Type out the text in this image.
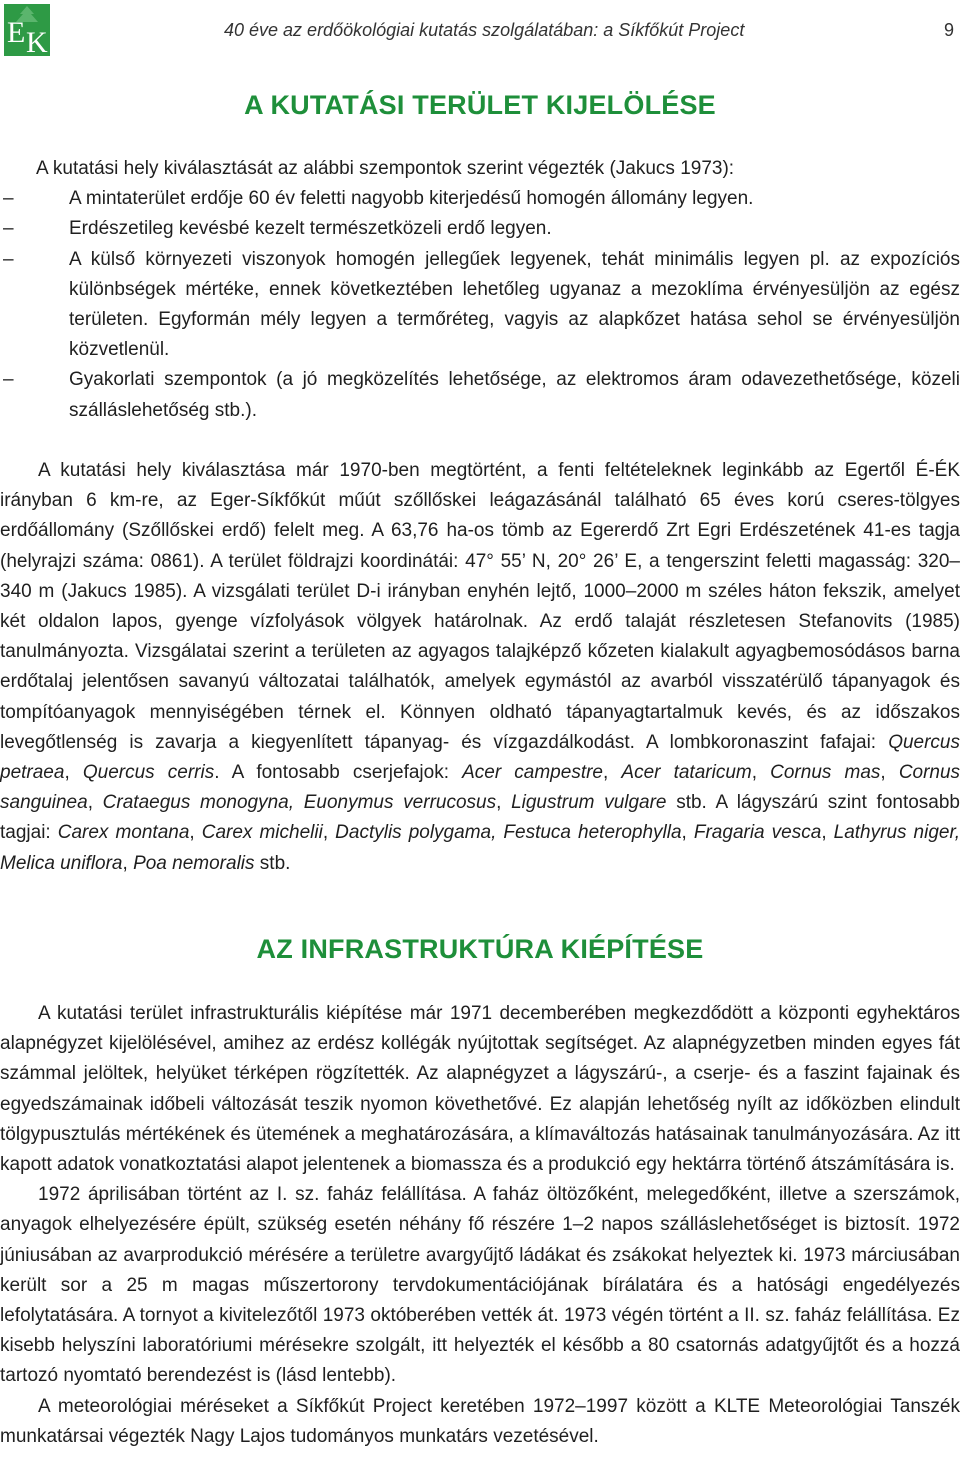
E K	40 éve az erdőökológiai kutatás szolgálatában: a Síkfőkút Project	9
A KUTATÁSI TERÜLET KIJELÖLÉSE

A kutatási hely kiválasztását az alábbi szempontok szerint végezték (Jakucs 1973):

–	A mintaterület erdője 60 év feletti nagyobb kiterjedésű homogén állomány legyen.
–	Erdészetileg kevésbé kezelt természetközeli erdő legyen.
–	A külső környezeti viszonyok homogén jellegűek legyenek, tehát minimális legyen pl. az expozíciós különbségek mértéke, ennek következtében lehetőleg ugyanaz a mezoklíma érvényesüljön az egész területen. Egyformán mély legyen a termőréteg, vagyis az alapkőzet hatása sehol se érvényesüljön közvetlenül.
–	Gyakorlati szempontok (a jó megközelítés lehetősége, az elektromos áram odavezethetősége, közeli szálláslehetőség stb.).

A kutatási hely kiválasztása már 1970-ben megtörtént, a fenti feltételeknek leginkább az Egertől É-ÉK irányban 6 km-re, az Eger-Síkfőkút műút szőllőskei leágazásánál található 65 éves korú cseres-tölgyes erdőállomány (Szőllőskei erdő) felelt meg. A 63,76 ha-os tömb az Egererdő Zrt Egri Erdészetének 41-es tagja (helyrajzi száma: 0861). A terület földrajzi koordinátái: 47° 55’ N, 20° 26’ E, a tengerszint feletti magasság: 320–340 m (Jakucs 1985). A vizsgálati terület D-i irányban enyhén lejtő, 1000–2000 m széles háton fekszik, amelyet két oldalon lapos, gyenge vízfolyások völgyek határolnak. Az erdő talaját részletesen Stefanovits (1985) tanulmányozta. Vizsgálatai szerint a területen az agyagos talajképző kőzeten kialakult agyagbemosódásos barna erdőtalaj jelentősen savanyú változatai találhatók, amelyek egymástól az avarból visszatérülő tápanyagok és tompítóanyagok mennyiségében térnek el. Könnyen oldható tápanyagtartalmuk kevés, és az időszakos levegőtlenség is zavarja a kiegyenlített tápanyag- és vízgazdálkodást. A lombkoronaszint fafajai: Quercus petraea, Quercus cerris. A fontosabb cserjefajok: Acer campestre, Acer tataricum, Cornus mas, Cornus sanguinea, Crataegus monogyna, Euonymus verrucosus, Ligustrum vulgare stb. A lágyszárú szint fontosabb tagjai: Carex montana, Carex michelii, Dactylis polygama, Festuca heterophylla, Fragaria vesca, Lathyrus niger, Melica uniflora, Poa nemoralis stb.

AZ INFRASTRUKTÚRA KIÉPÍTÉSE

A kutatási terület infrastrukturális kiépítése már 1971 decemberében megkezdődött a központi egyhektáros alapnégyzet kijelölésével, amihez az erdész kollégák nyújtottak segítséget. Az alapnégyzetben minden egyes fát számmal jelöltek, helyüket térképen rögzítették. Az alapnégyzet a lágyszárú-, a cserje- és a faszint fajainak és egyedszámainak időbeli változását teszik nyomon követhetővé. Ez alapján lehetőség nyílt az időközben elindult tölgypusztulás mértékének és ütemének a meghatározására, a klímaváltozás hatásainak tanulmányozására. Az itt kapott adatok vonatkoztatási alapot jelentenek a biomassza és a produkció egy hektárra történő átszámítására is.

1972 áprilisában történt az I. sz. faház felállítása. A faház öltözőként, melegedőként, illetve a szerszámok, anyagok elhelyezésére épült, szükség esetén néhány fő részére 1–2 napos szálláslehetőséget is biztosít. 1972 júniusában az avarprodukció mérésére a területre avargyűjtő ládákat és zsákokat helyeztek ki. 1973 márciusában került sor a 25 m magas műszertorony tervdokumentációjának bírálatára és a hatósági engedélyezés lefolytatására. A tornyot a kivitelezőtől 1973 októberében vették át. 1973 végén történt a II. sz. faház felállítása. Ez kisebb helyszíni laboratóriumi mérésekre szolgált, itt helyezték el később a 80 csatornás adatgyűjtőt és a hozzá tartozó nyomtató berendezést is (lásd lentebb).

A meteorológiai méréseket a Síkfőkút Project keretében 1972–1997 között a KLTE Meteorológiai Tanszék munkatársai végezték Nagy Lajos tudományos munkatárs vezetésével.
